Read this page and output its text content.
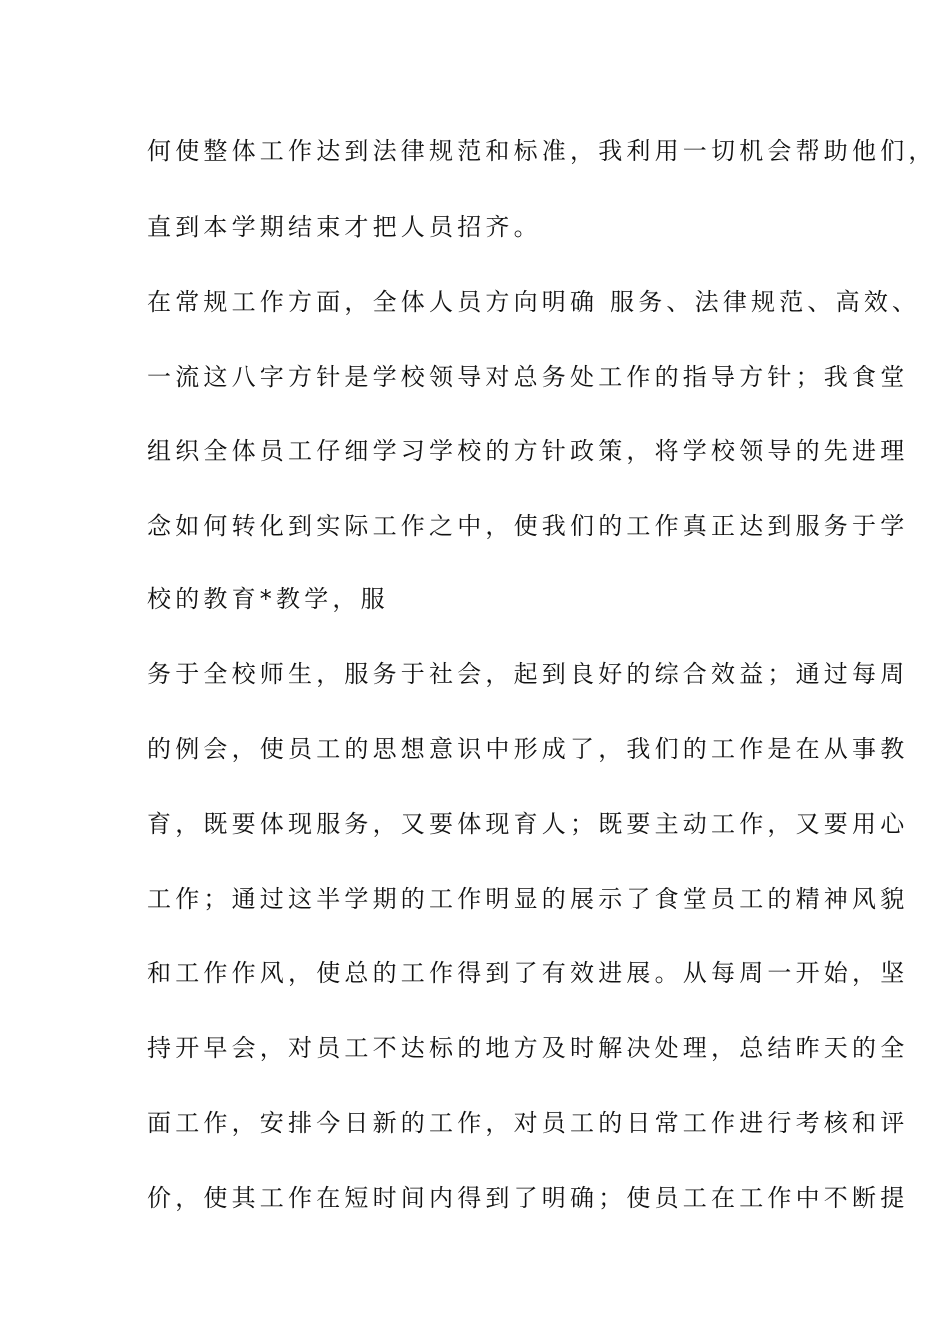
何使整体工作达到法律规范和标准，我利用一切机会帮助他们，
直到本学期结束才把人员招齐。
在常规工作方面，全体人员方向明确 服务、法律规范、高效、
一流这八字方针是学校领导对总务处工作的指导方针；我食堂
组织全体员工仔细学习学校的方针政策，将学校领导的先进理
念如何转化到实际工作之中，使我们的工作真正达到服务于学
校的教育*教学，服
务于全校师生，服务于社会，起到良好的综合效益；通过每周
的例会，使员工的思想意识中形成了，我们的工作是在从事教
育，既要体现服务，又要体现育人；既要主动工作，又要用心
工作；通过这半学期的工作明显的展示了食堂员工的精神风貌
和工作作风，使总的工作得到了有效进展。从每周一开始，坚
持开早会，对员工不达标的地方及时解决处理，总结昨天的全
面工作，安排今日新的工作，对员工的日常工作进行考核和评
价，使其工作在短时间内得到了明确；使员工在工作中不断提
